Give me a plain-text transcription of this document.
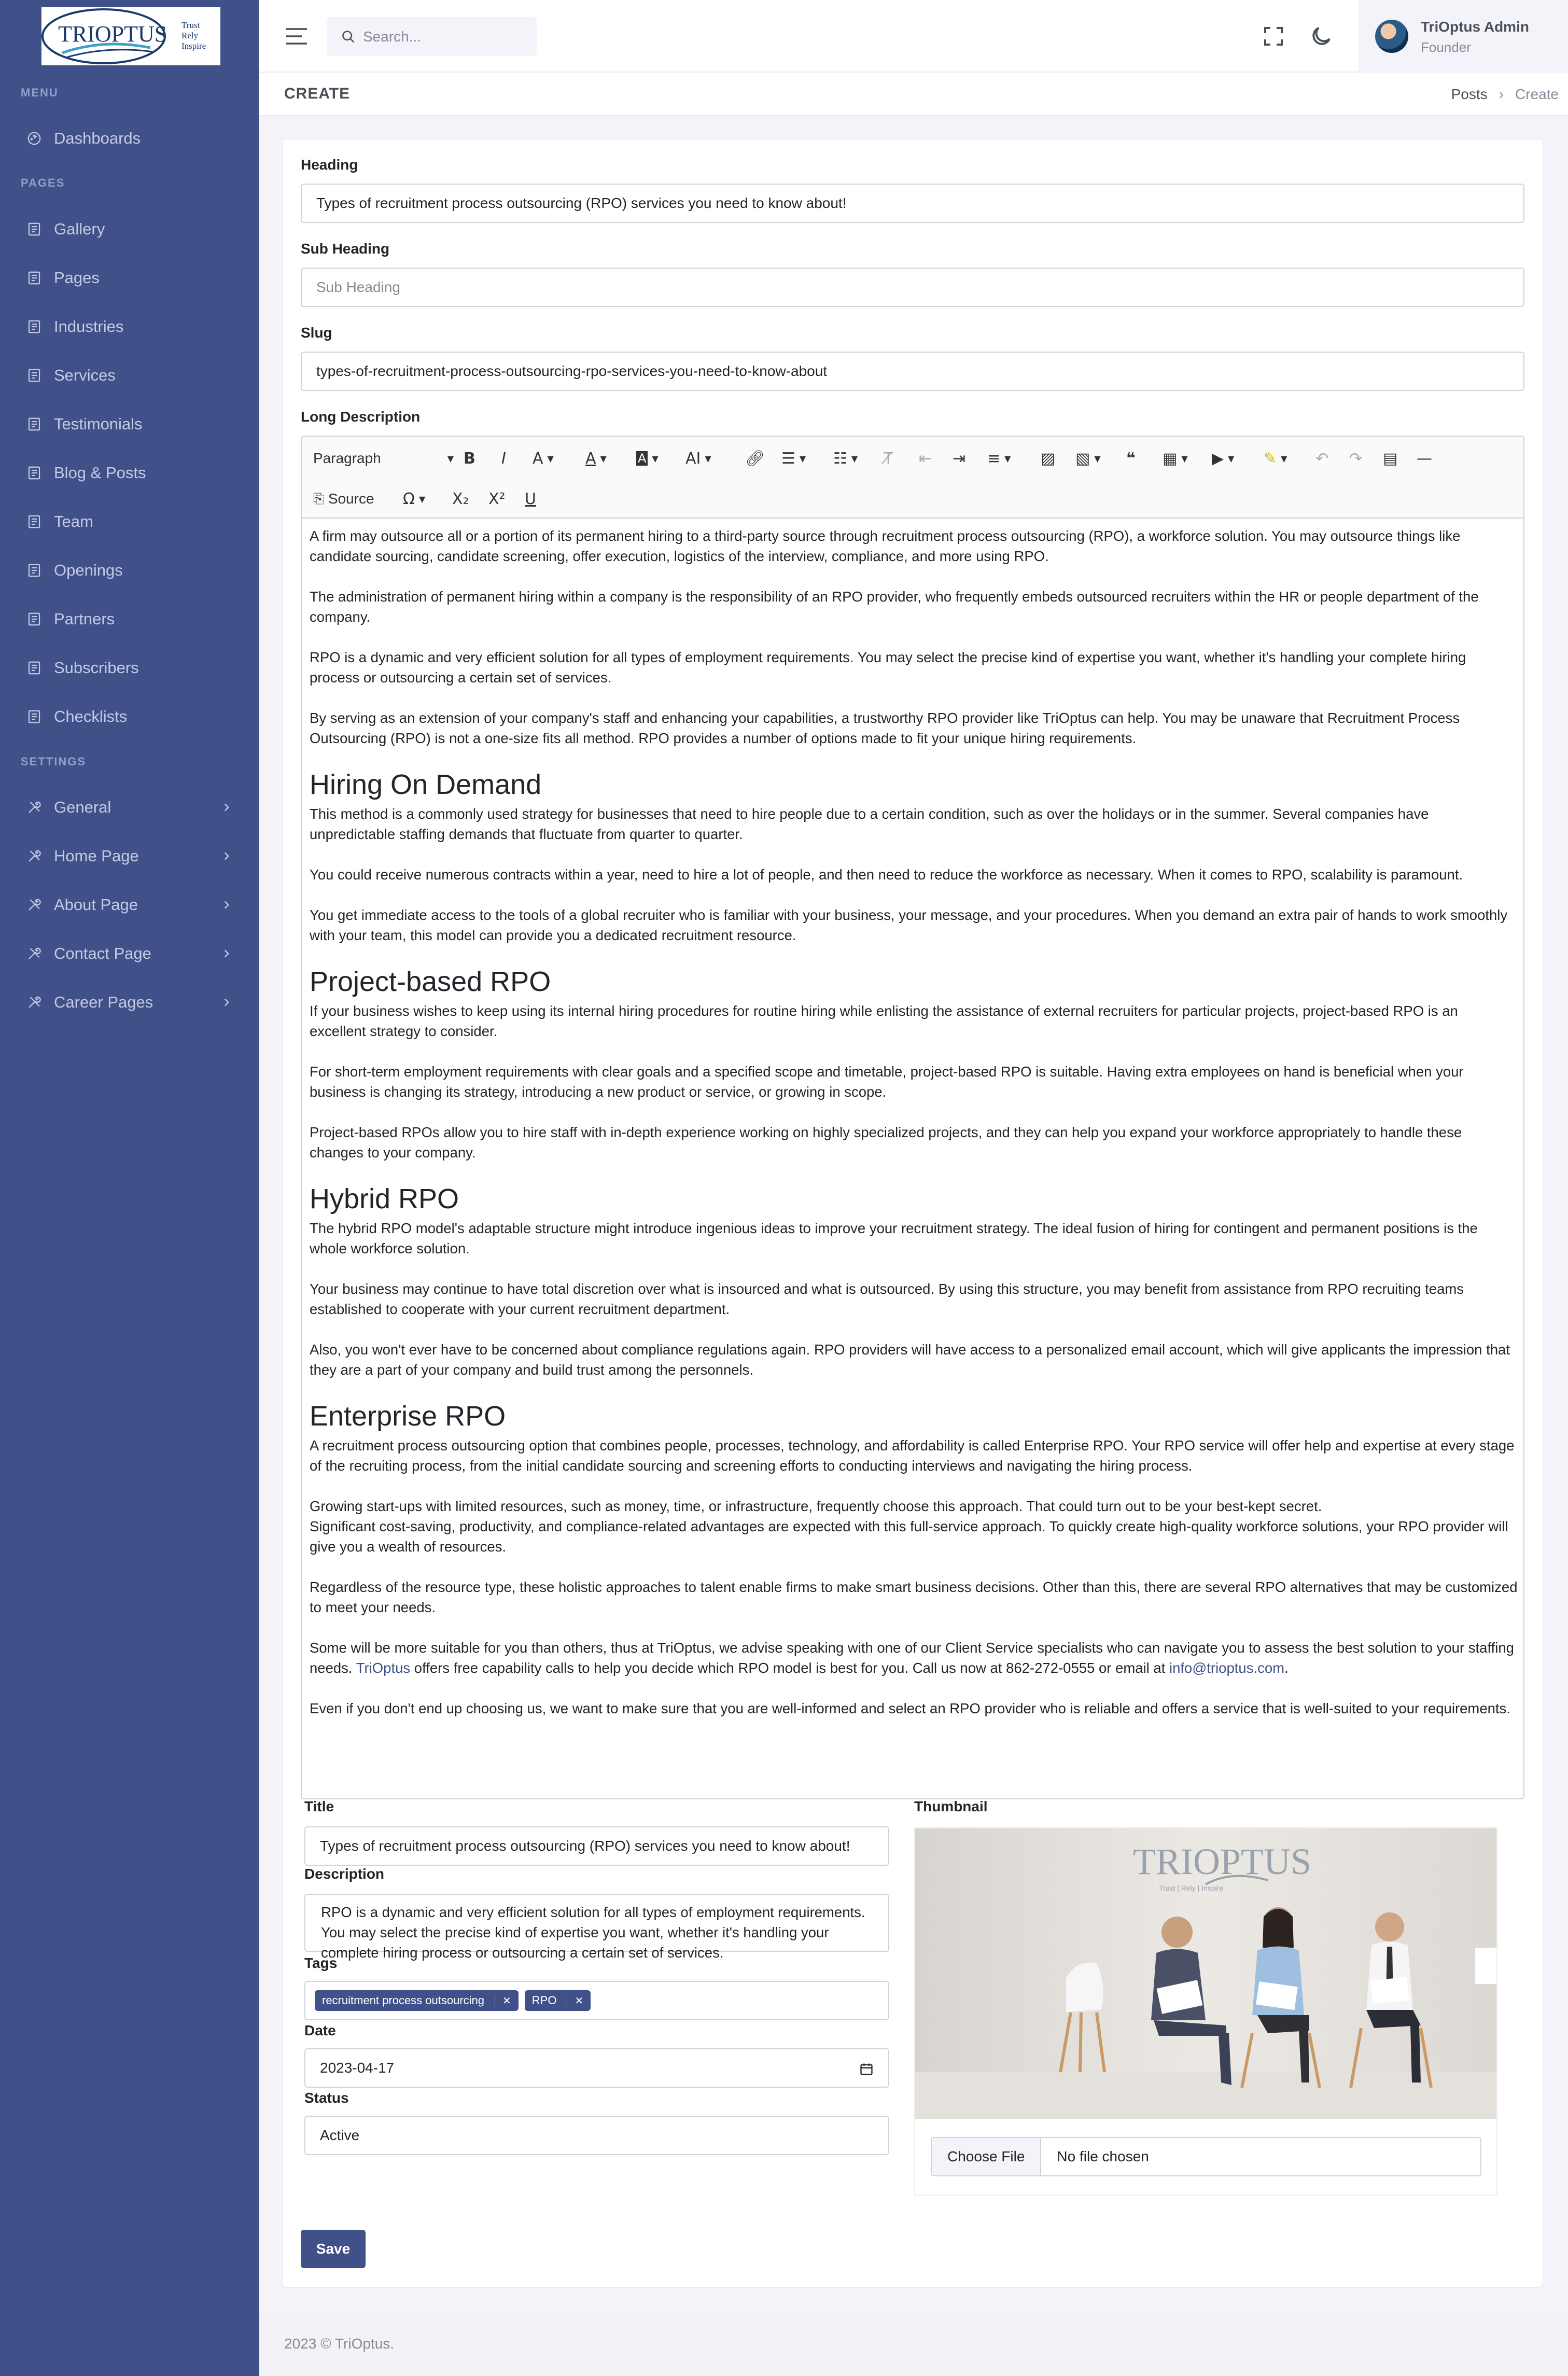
TRIOPTUS Trust
Rely
Inspire
MENU
Dashboards
PAGES
Gallery
Pages
Industries
Services
Testimonials
Blog & Posts
Team
Openings
Partners
Subscribers
Checklists
SETTINGS
General
Home Page
About Page
Contact Page
Career Pages
Search...
TriOptus Admin
Founder
CREATE	Posts › Create
Heading
Types of recruitment process outsourcing (RPO) services you need to know about!
Sub Heading
Sub Heading
Slug
types-of-recruitment-process-outsourcing-rpo-services-you-need-to-know-about
Long Description
Paragraph	▼ B I A ▼ A ▼	A ▼ AI ▼ 🔗︎ ☰ ▼ ☷ ▼ T̸ ⇤ ⇥ ≡ ▼ ▨ ▧ ▼ ❝ ▦ ▼ ▶ ▼ ✎ ▼ ↶ ↷ ▤ —
⎘ Source Ω ▼ X₂ X² U

A firm may outsource all or a portion of its permanent hiring to a third-party source through recruitment process outsourcing (RPO), a workforce solution. You may outsource things like candidate sourcing, candidate screening, offer execution, logistics of the interview, compliance, and more using RPO.

The administration of permanent hiring within a company is the responsibility of an RPO provider, who frequently embeds outsourced recruiters within the HR or people department of the company.

RPO is a dynamic and very efficient solution for all types of employment requirements. You may select the precise kind of expertise you want, whether it's handling your complete hiring process or outsourcing a certain set of services.

By serving as an extension of your company's staff and enhancing your capabilities, a trustworthy RPO provider like TriOptus can help. You may be unaware that Recruitment Process Outsourcing (RPO) is not a one-size fits all method. RPO provides a number of options made to fit your unique hiring requirements.

Hiring On Demand

This method is a commonly used strategy for businesses that need to hire people due to a certain condition, such as over the holidays or in the summer. Several companies have unpredictable staffing demands that fluctuate from quarter to quarter.

You could receive numerous contracts within a year, need to hire a lot of people, and then need to reduce the workforce as necessary. When it comes to RPO, scalability is paramount.

You get immediate access to the tools of a global recruiter who is familiar with your business, your message, and your procedures. When you demand an extra pair of hands to work smoothly with your team, this model can provide you a dedicated recruitment resource.

Project-based RPO

If your business wishes to keep using its internal hiring procedures for routine hiring while enlisting the assistance of external recruiters for particular projects, project-based RPO is an excellent strategy to consider.

For short-term employment requirements with clear goals and a specified scope and timetable, project-based RPO is suitable. Having extra employees on hand is beneficial when your business is changing its strategy, introducing a new product or service, or growing in scope.

Project-based RPOs allow you to hire staff with in-depth experience working on highly specialized projects, and they can help you expand your workforce appropriately to handle these changes to your company.

Hybrid RPO

The hybrid RPO model's adaptable structure might introduce ingenious ideas to improve your recruitment strategy. The ideal fusion of hiring for contingent and permanent positions is the whole workforce solution.

Your business may continue to have total discretion over what is insourced and what is outsourced. By using this structure, you may benefit from assistance from RPO recruiting teams established to cooperate with your current recruitment department.

Also, you won't ever have to be concerned about compliance regulations again. RPO providers will have access to a personalized email account, which will give applicants the impression that they are a part of your company and build trust among the personnels.

Enterprise RPO

A recruitment process outsourcing option that combines people, processes, technology, and affordability is called Enterprise RPO. Your RPO service will offer help and expertise at every stage of the recruiting process, from the initial candidate sourcing and screening efforts to conducting interviews and navigating the hiring process.

Growing start-ups with limited resources, such as money, time, or infrastructure, frequently choose this approach. That could turn out to be your best-kept secret.

Significant cost-saving, productivity, and compliance-related advantages are expected with this full-service approach. To quickly create high-quality workforce solutions, your RPO provider will give you a wealth of resources.

Regardless of the resource type, these holistic approaches to talent enable firms to make smart business decisions. Other than this, there are several RPO alternatives that may be customized to meet your needs.

Some will be more suitable for you than others, thus at TriOptus, we advise speaking with one of our Client Service specialists who can navigate you to assess the best solution to your staffing needs. TriOptus offers free capability calls to help you decide which RPO model is best for you. Call us now at 862-272-0555 or email at info@trioptus.com.

Even if you don't end up choosing us, we want to make sure that you are well-informed and select an RPO provider who is reliable and offers a service that is well-suited to your requirements.

Title
Types of recruitment process outsourcing (RPO) services you need to know about!
Description
RPO is a dynamic and very efficient solution for all types of employment requirements. You may select the precise kind of expertise you want, whether it's handling your complete hiring process or outsourcing a certain set of services.
Tags
recruitment process outsourcing	✕ RPO	✕
Date
2023-04-17
Status
Active
Thumbnail
TRIOPTUS
Trust | Rely | Inspire
Choose File	No file chosen
Save
2023 © TriOptus.
